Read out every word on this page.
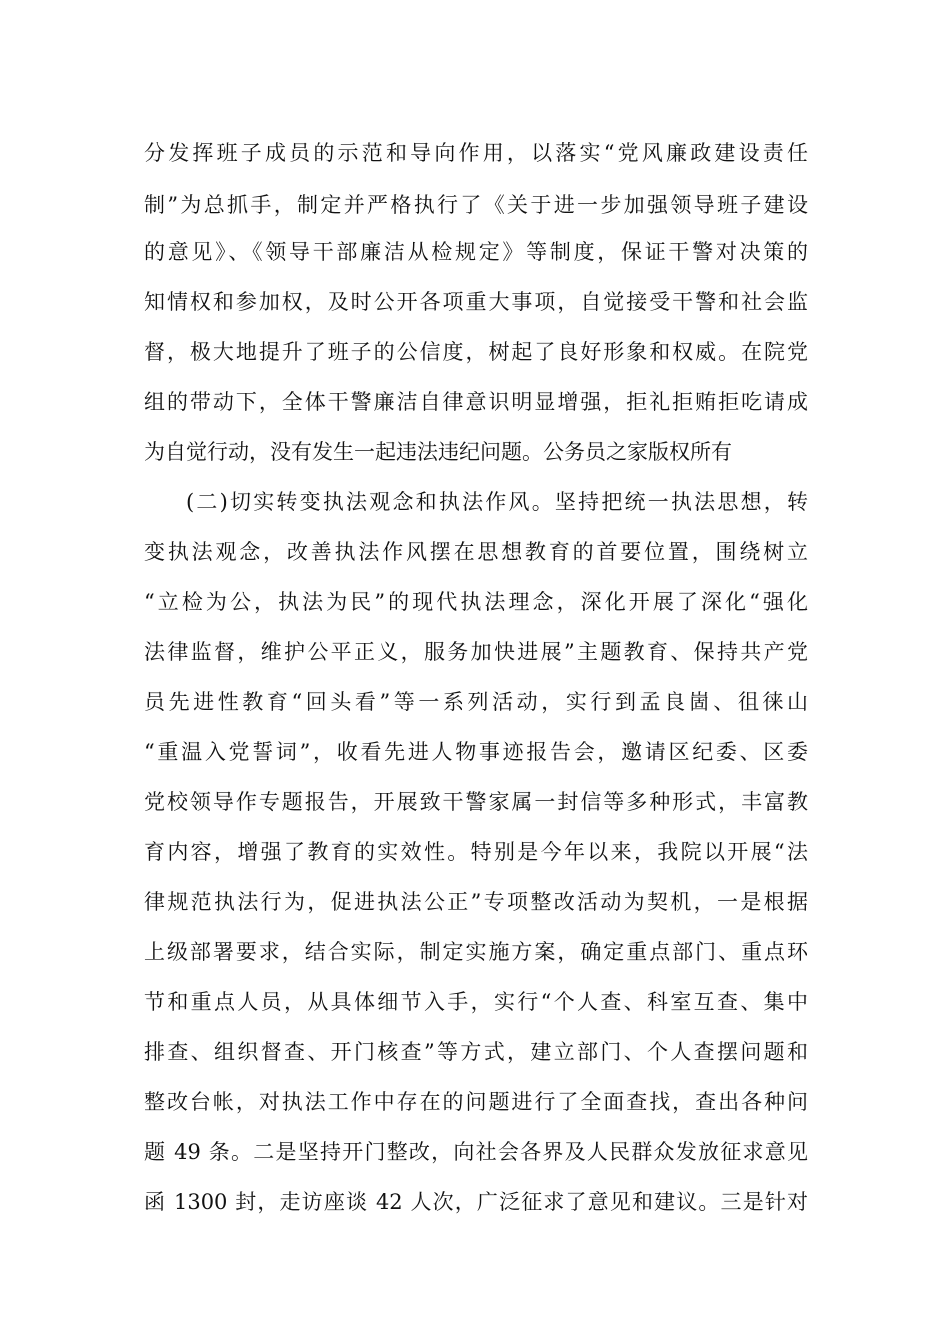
分发挥班子成员的示范和导向作用，以落实“党风廉政建设责任
制”为总抓手，制定并严格执行了《关于进一步加强领导班子建设
的意见》、《领导干部廉洁从检规定》等制度，保证干警对决策的
知情权和参加权，及时公开各项重大事项，自觉接受干警和社会监
督，极大地提升了班子的公信度，树起了良好形象和权威。在院党
组的带动下，全体干警廉洁自律意识明显增强，拒礼拒贿拒吃请成
为自觉行动，没有发生一起违法违纪问题。公务员之家版权所有
(二)切实转变执法观念和执法作风。坚持把统一执法思想，转
变执法观念，改善执法作风摆在思想教育的首要位置，围绕树立
“立检为公，执法为民”的现代执法理念，深化开展了深化“强化
法律监督，维护公平正义，服务加快进展”主题教育、保持共产党
员先进性教育“回头看”等一系列活动，实行到孟良崮、徂徕山
“重温入党誓词”，收看先进人物事迹报告会，邀请区纪委、区委
党校领导作专题报告，开展致干警家属一封信等多种形式，丰富教
育内容，增强了教育的实效性。特别是今年以来，我院以开展“法
律规范执法行为，促进执法公正”专项整改活动为契机，一是根据
上级部署要求，结合实际，制定实施方案，确定重点部门、重点环
节和重点人员，从具体细节入手，实行“个人查、科室互查、集中
排查、组织督查、开门核查”等方式，建立部门、个人查摆问题和
整改台帐，对执法工作中存在的问题进行了全面查找，查出各种问
题 49 条。二是坚持开门整改，向社会各界及人民群众发放征求意见
函 1300 封，走访座谈 42 人次，广泛征求了意见和建议。三是针对
